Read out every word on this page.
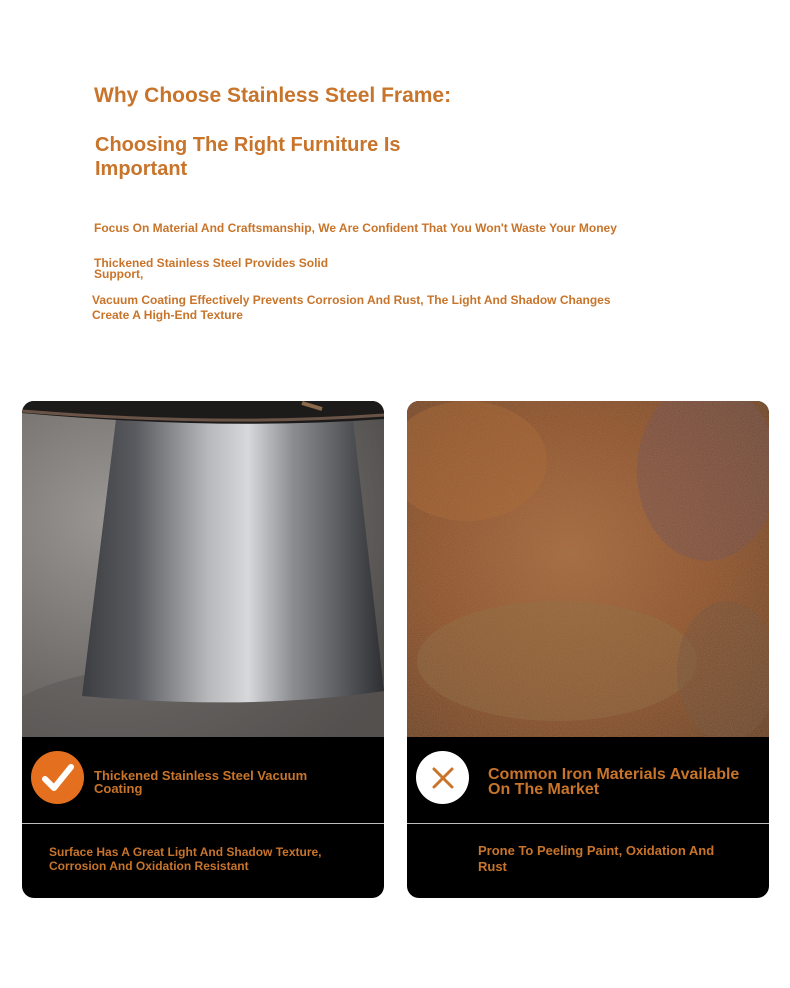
Why Choose Stainless Steel Frame:
Choosing The Right Furniture Is Important
Focus On Material And Craftsmanship, We Are Confident That You Won't Waste Your Money
Thickened Stainless Steel Provides Solid Support,
Vacuum Coating Effectively Prevents Corrosion And Rust, The Light And Shadow Changes Create A High-End Texture
Thickened Stainless Steel Vacuum Coating
Surface Has A Great Light And Shadow Texture, Corrosion And Oxidation Resistant
Common Iron Materials Available On The Market
Prone To Peeling Paint, Oxidation And Rust
